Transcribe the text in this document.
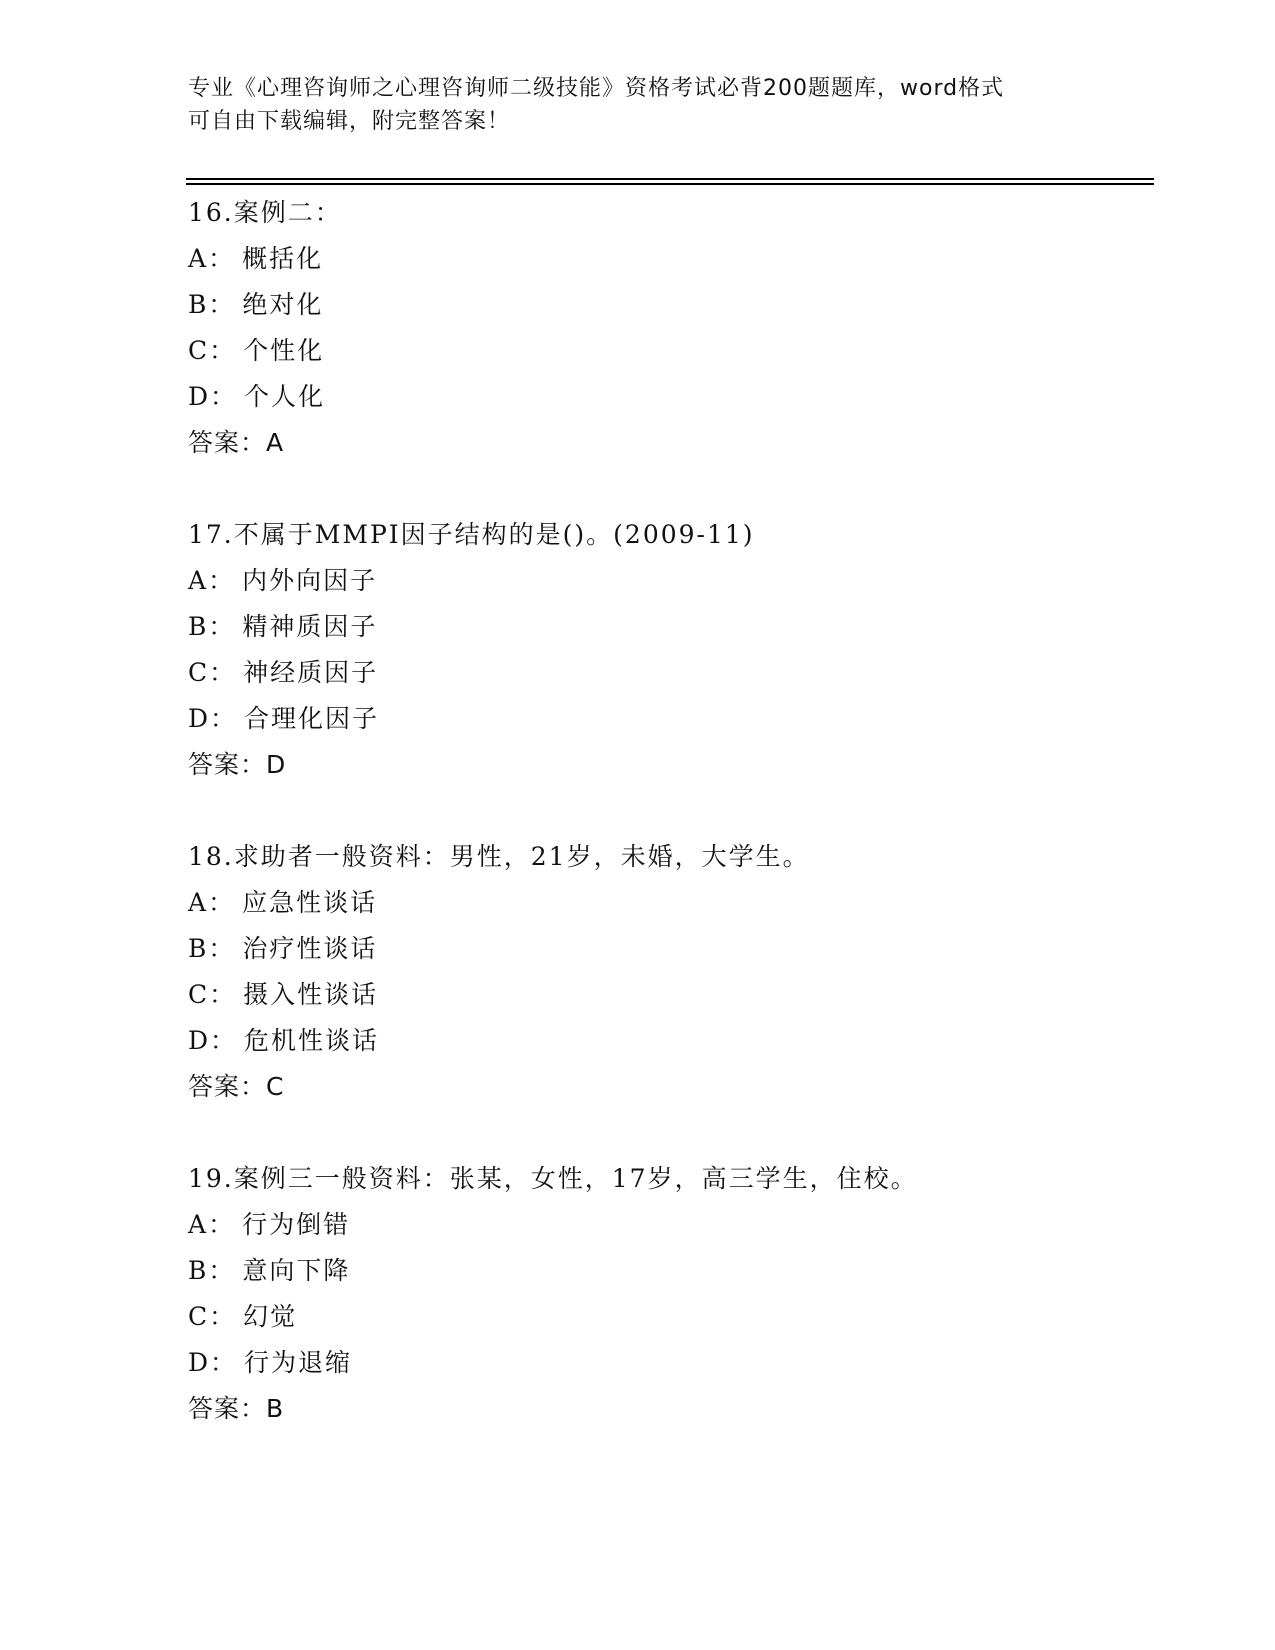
专业《心理咨询师之心理咨询师二级技能》资格考试必背200题题库，word格式
可自由下载编辑，附完整答案！
16.案例二：
A： 概括化
B： 绝对化
C： 个性化
D： 个人化
答案：A
17.不属于MMPI因子结构的是()。(2009-11)
A： 内外向因子
B： 精神质因子
C： 神经质因子
D： 合理化因子
答案：D
18.求助者一般资料：男性，21岁，未婚，大学生。
A： 应急性谈话
B： 治疗性谈话
C： 摄入性谈话
D： 危机性谈话
答案：C
19.案例三一般资料：张某，女性，17岁，高三学生，住校。
A： 行为倒错
B： 意向下降
C： 幻觉
D： 行为退缩
答案：B
